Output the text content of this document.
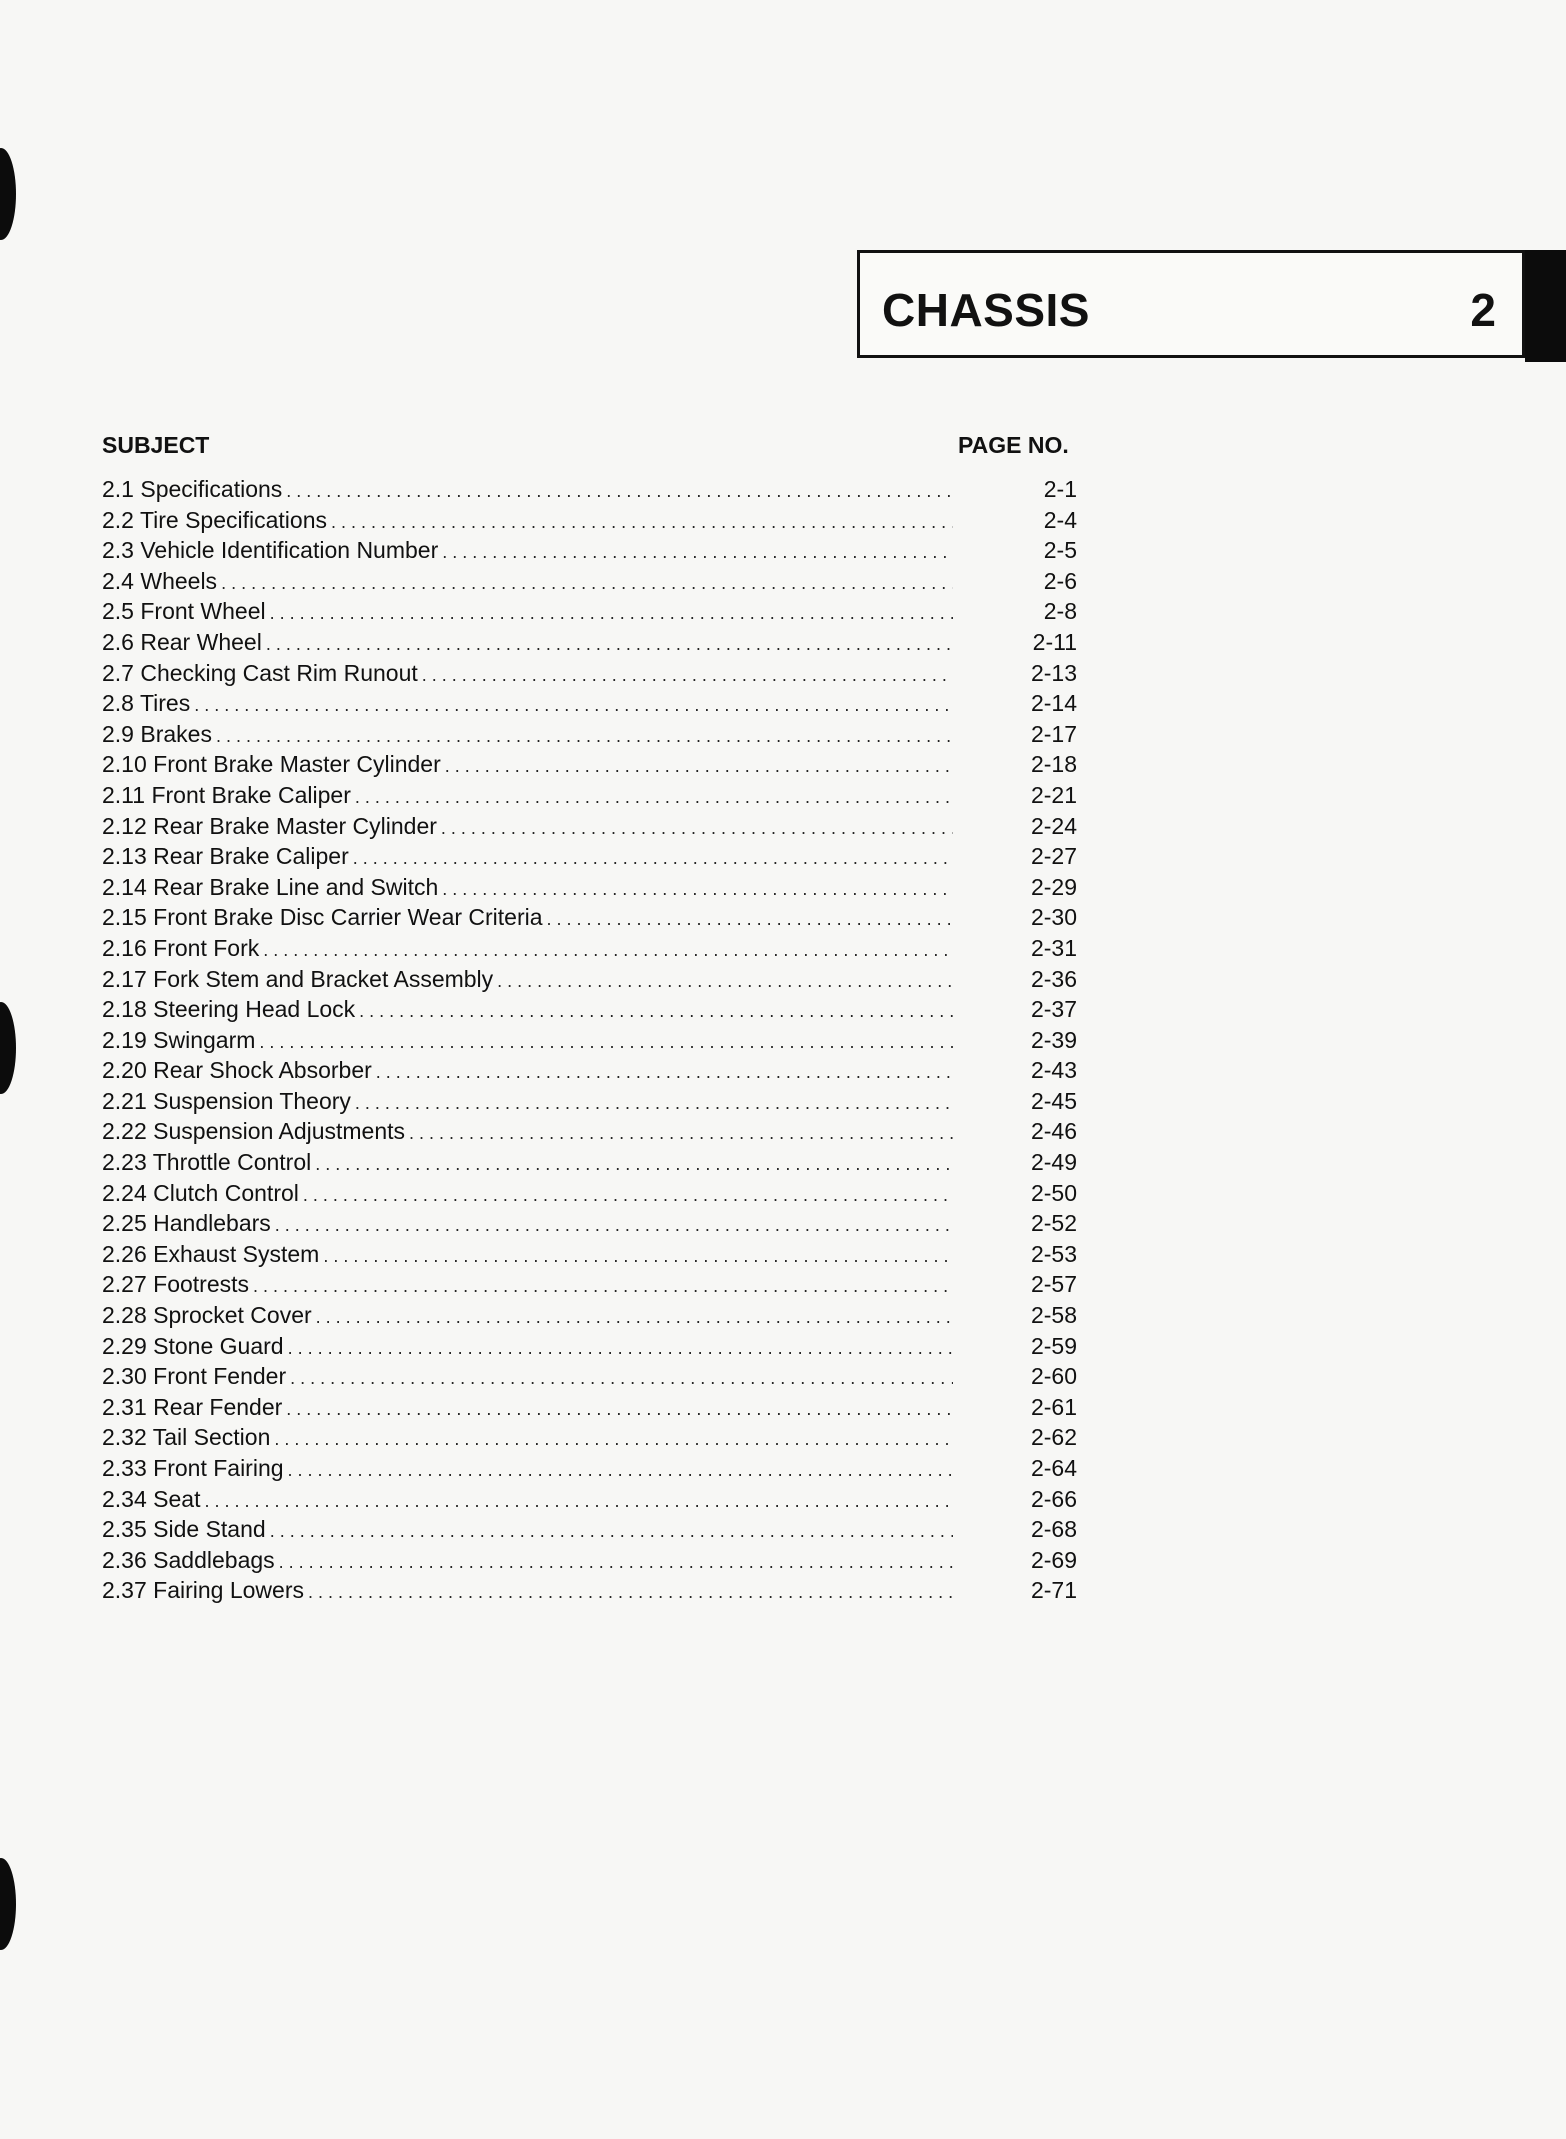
CHASSIS	2
SUBJECT	PAGE NO.
2.1 Specifications . . .	2-1
2.2 Tire Specifications . . .	2-4
2.3 Vehicle Identification Number . . .	2-5
2.4 Wheels . . .	2-6
2.5 Front Wheel . . .	2-8
2.6 Rear Wheel . . .	2-11
2.7 Checking Cast Rim Runout . . .	2-13
2.8 Tires . . .	2-14
2.9 Brakes . . .	2-17
2.10 Front Brake Master Cylinder . . .	2-18
2.11 Front Brake Caliper . . .	2-21
2.12 Rear Brake Master Cylinder . . .	2-24
2.13 Rear Brake Caliper . . .	2-27
2.14 Rear Brake Line and Switch . . .	2-29
2.15 Front Brake Disc Carrier Wear Criteria . . .	2-30
2.16 Front Fork . . .	2-31
2.17 Fork Stem and Bracket Assembly . . .	2-36
2.18 Steering Head Lock . . .	2-37
2.19 Swingarm . . .	2-39
2.20 Rear Shock Absorber . . .	2-43
2.21 Suspension Theory . . .	2-45
2.22 Suspension Adjustments . . .	2-46
2.23 Throttle Control . . .	2-49
2.24 Clutch Control . . .	2-50
2.25 Handlebars . . .	2-52
2.26 Exhaust System . . .	2-53
2.27 Footrests . . .	2-57
2.28 Sprocket Cover . . .	2-58
2.29 Stone Guard . . .	2-59
2.30 Front Fender . . .	2-60
2.31 Rear Fender . . .	2-61
2.32 Tail Section . . .	2-62
2.33 Front Fairing . . .	2-64
2.34 Seat . . .	2-66
2.35 Side Stand . . .	2-68
2.36 Saddlebags . . .	2-69
2.37 Fairing Lowers . . .	2-71
